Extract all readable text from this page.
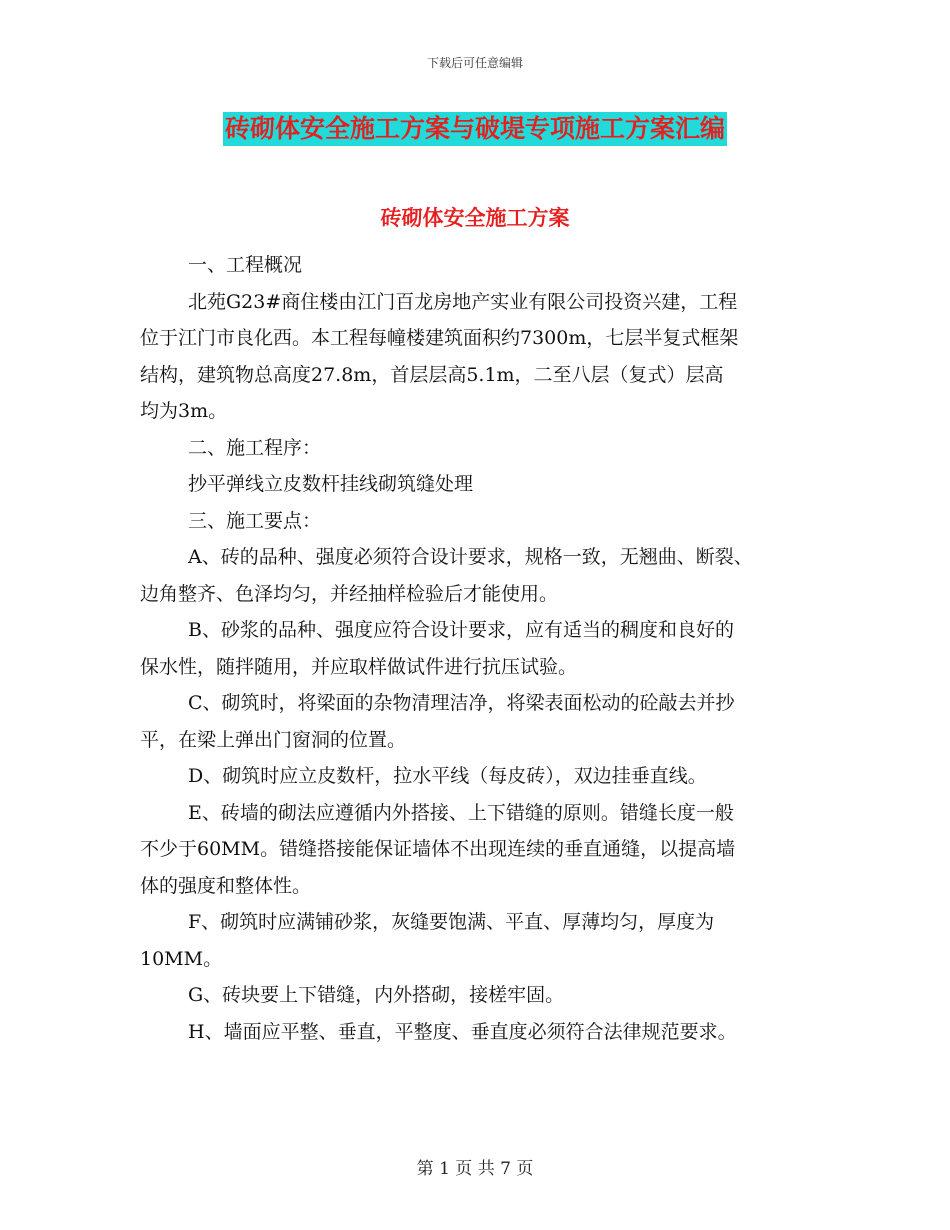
下载后可任意编辑
砖砌体安全施工方案与破堤专项施工方案汇编
砖砌体安全施工方案

一、工程概况

北苑G23#商住楼由江门百龙房地产实业有限公司投资兴建，工程
位于江门市良化西。本工程每幢楼建筑面积约7300m，七层半复式框架
结构，建筑物总高度27.8m，首层层高5.1m，二至八层（复式）层高
均为3m。

二、施工程序：

抄平弹线立皮数杆挂线砌筑缝处理

三、施工要点：

A、砖的品种、强度必须符合设计要求，规格一致，无翘曲、断裂、
边角整齐、色泽均匀，并经抽样检验后才能使用。

B、砂浆的品种、强度应符合设计要求，应有适当的稠度和良好的
保水性，随拌随用，并应取样做试件进行抗压试验。

C、砌筑时，将梁面的杂物清理洁净，将梁表面松动的砼敲去并抄
平，在梁上弹出门窗洞的位置。

D、砌筑时应立皮数杆，拉水平线（每皮砖），双边挂垂直线。

E、砖墙的砌法应遵循内外搭接、上下错缝的原则。错缝长度一般
不少于60MM。错缝搭接能保证墙体不出现连续的垂直通缝，以提高墙
体的强度和整体性。

F、砌筑时应满铺砂浆，灰缝要饱满、平直、厚薄均匀，厚度为
10MM。

G、砖块要上下错缝，内外搭砌，接槎牢固。

H、墙面应平整、垂直，平整度、垂直度必须符合法律规范要求。

第 1 页 共 7 页
